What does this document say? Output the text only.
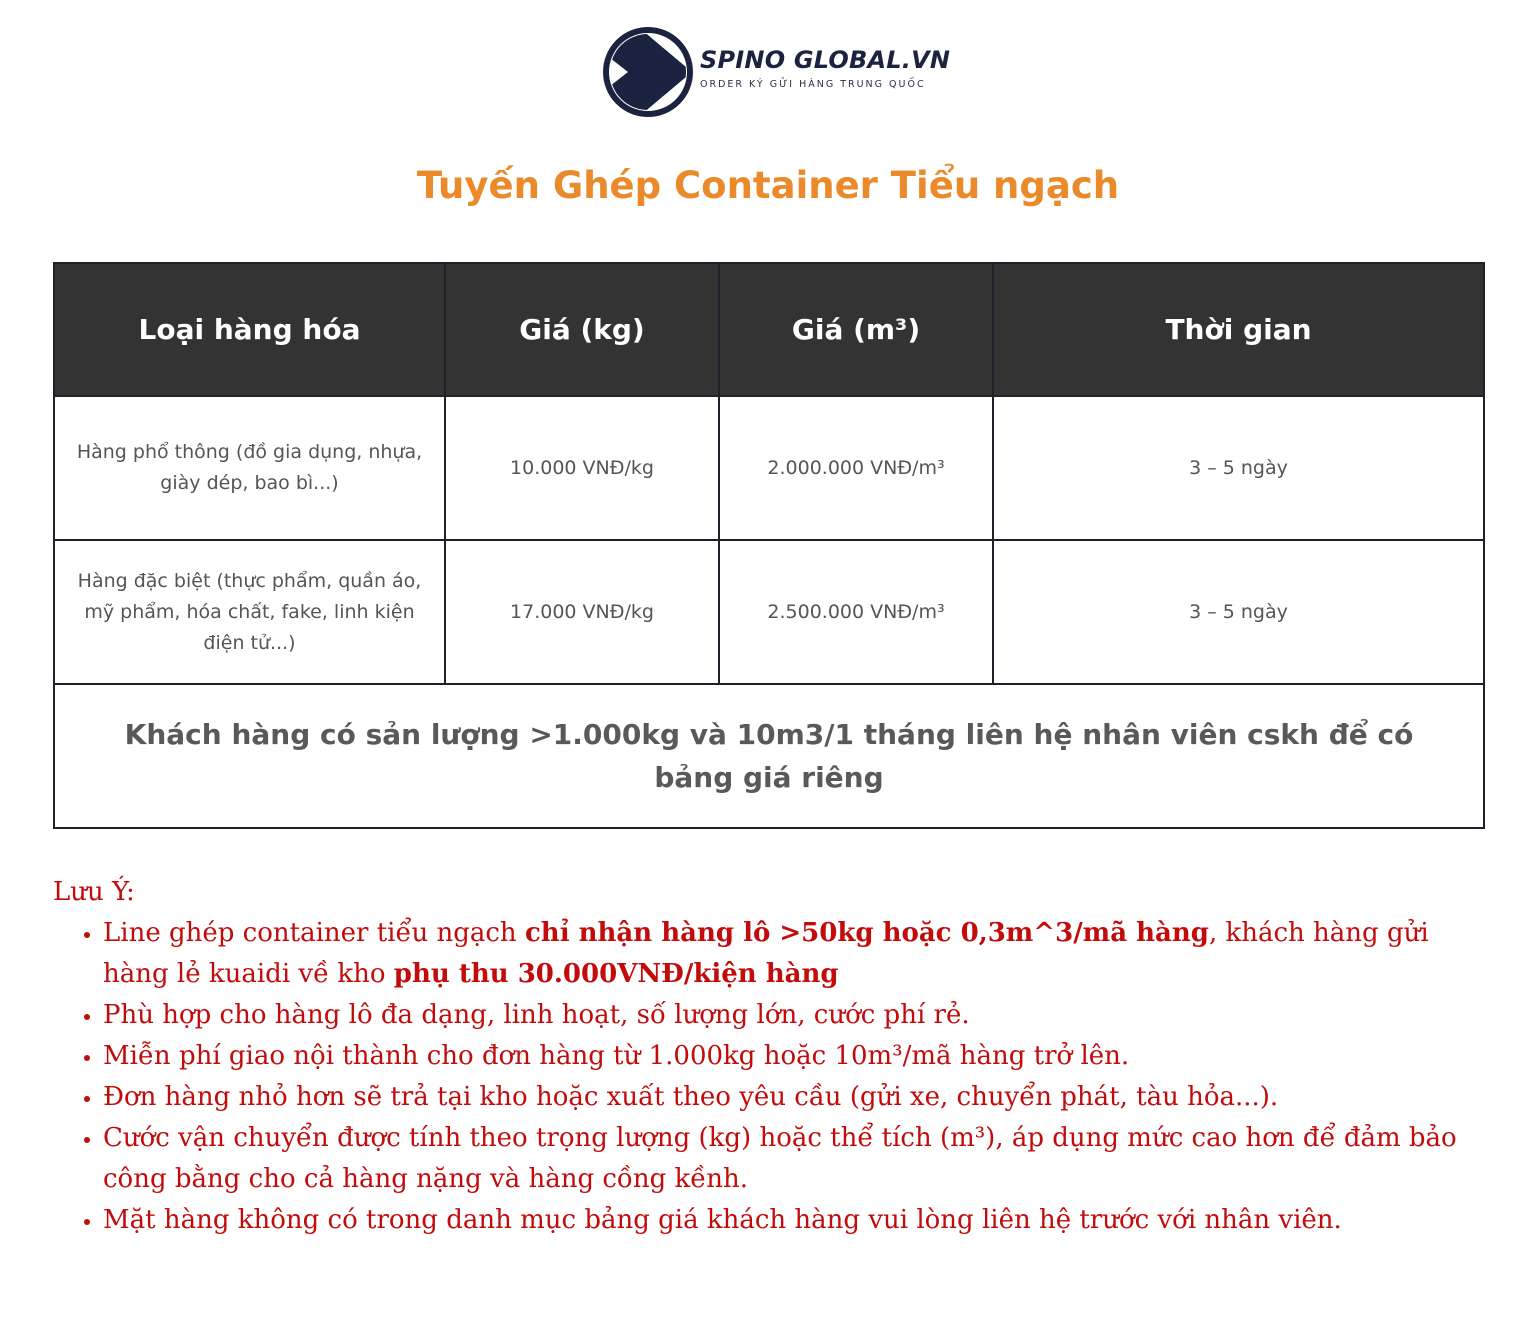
SPINO GLOBAL.VN
ORDER KÝ GỬI HÀNG TRUNG QUỐC
Tuyến Ghép Container Tiểu ngạch
Loại hàng hóa	Giá (kg)	Giá (m³)	Thời gian
Hàng phổ thông (đồ gia dụng, nhựa, giày dép, bao bì...)	10.000 VNĐ/kg	2.000.000 VNĐ/m³	3 – 5 ngày
Hàng đặc biệt (thực phẩm, quần áo, mỹ phẩm, hóa chất, fake, linh kiện điện tử...)	17.000 VNĐ/kg	2.500.000 VNĐ/m³	3 – 5 ngày
Khách hàng có sản lượng >1.000kg và 10m3/1 tháng liên hệ nhân viên cskh để có bảng giá riêng			

Lưu Ý:

• Line ghép container tiểu ngạch chỉ nhận hàng lô >50kg hoặc 0,3m^3/mã hàng, khách hàng gửi hàng lẻ kuaidi về kho phụ thu 30.000VNĐ/kiện hàng
• Phù hợp cho hàng lô đa dạng, linh hoạt, số lượng lớn, cước phí rẻ.
• Miễn phí giao nội thành cho đơn hàng từ 1.000kg hoặc 10m³/mã hàng trở lên.
• Đơn hàng nhỏ hơn sẽ trả tại kho hoặc xuất theo yêu cầu (gửi xe, chuyển phát, tàu hỏa...).
• Cước vận chuyển được tính theo trọng lượng (kg) hoặc thể tích (m³), áp dụng mức cao hơn để đảm bảo công bằng cho cả hàng nặng và hàng cồng kềnh.
• Mặt hàng không có trong danh mục bảng giá khách hàng vui lòng liên hệ trước với nhân viên.
